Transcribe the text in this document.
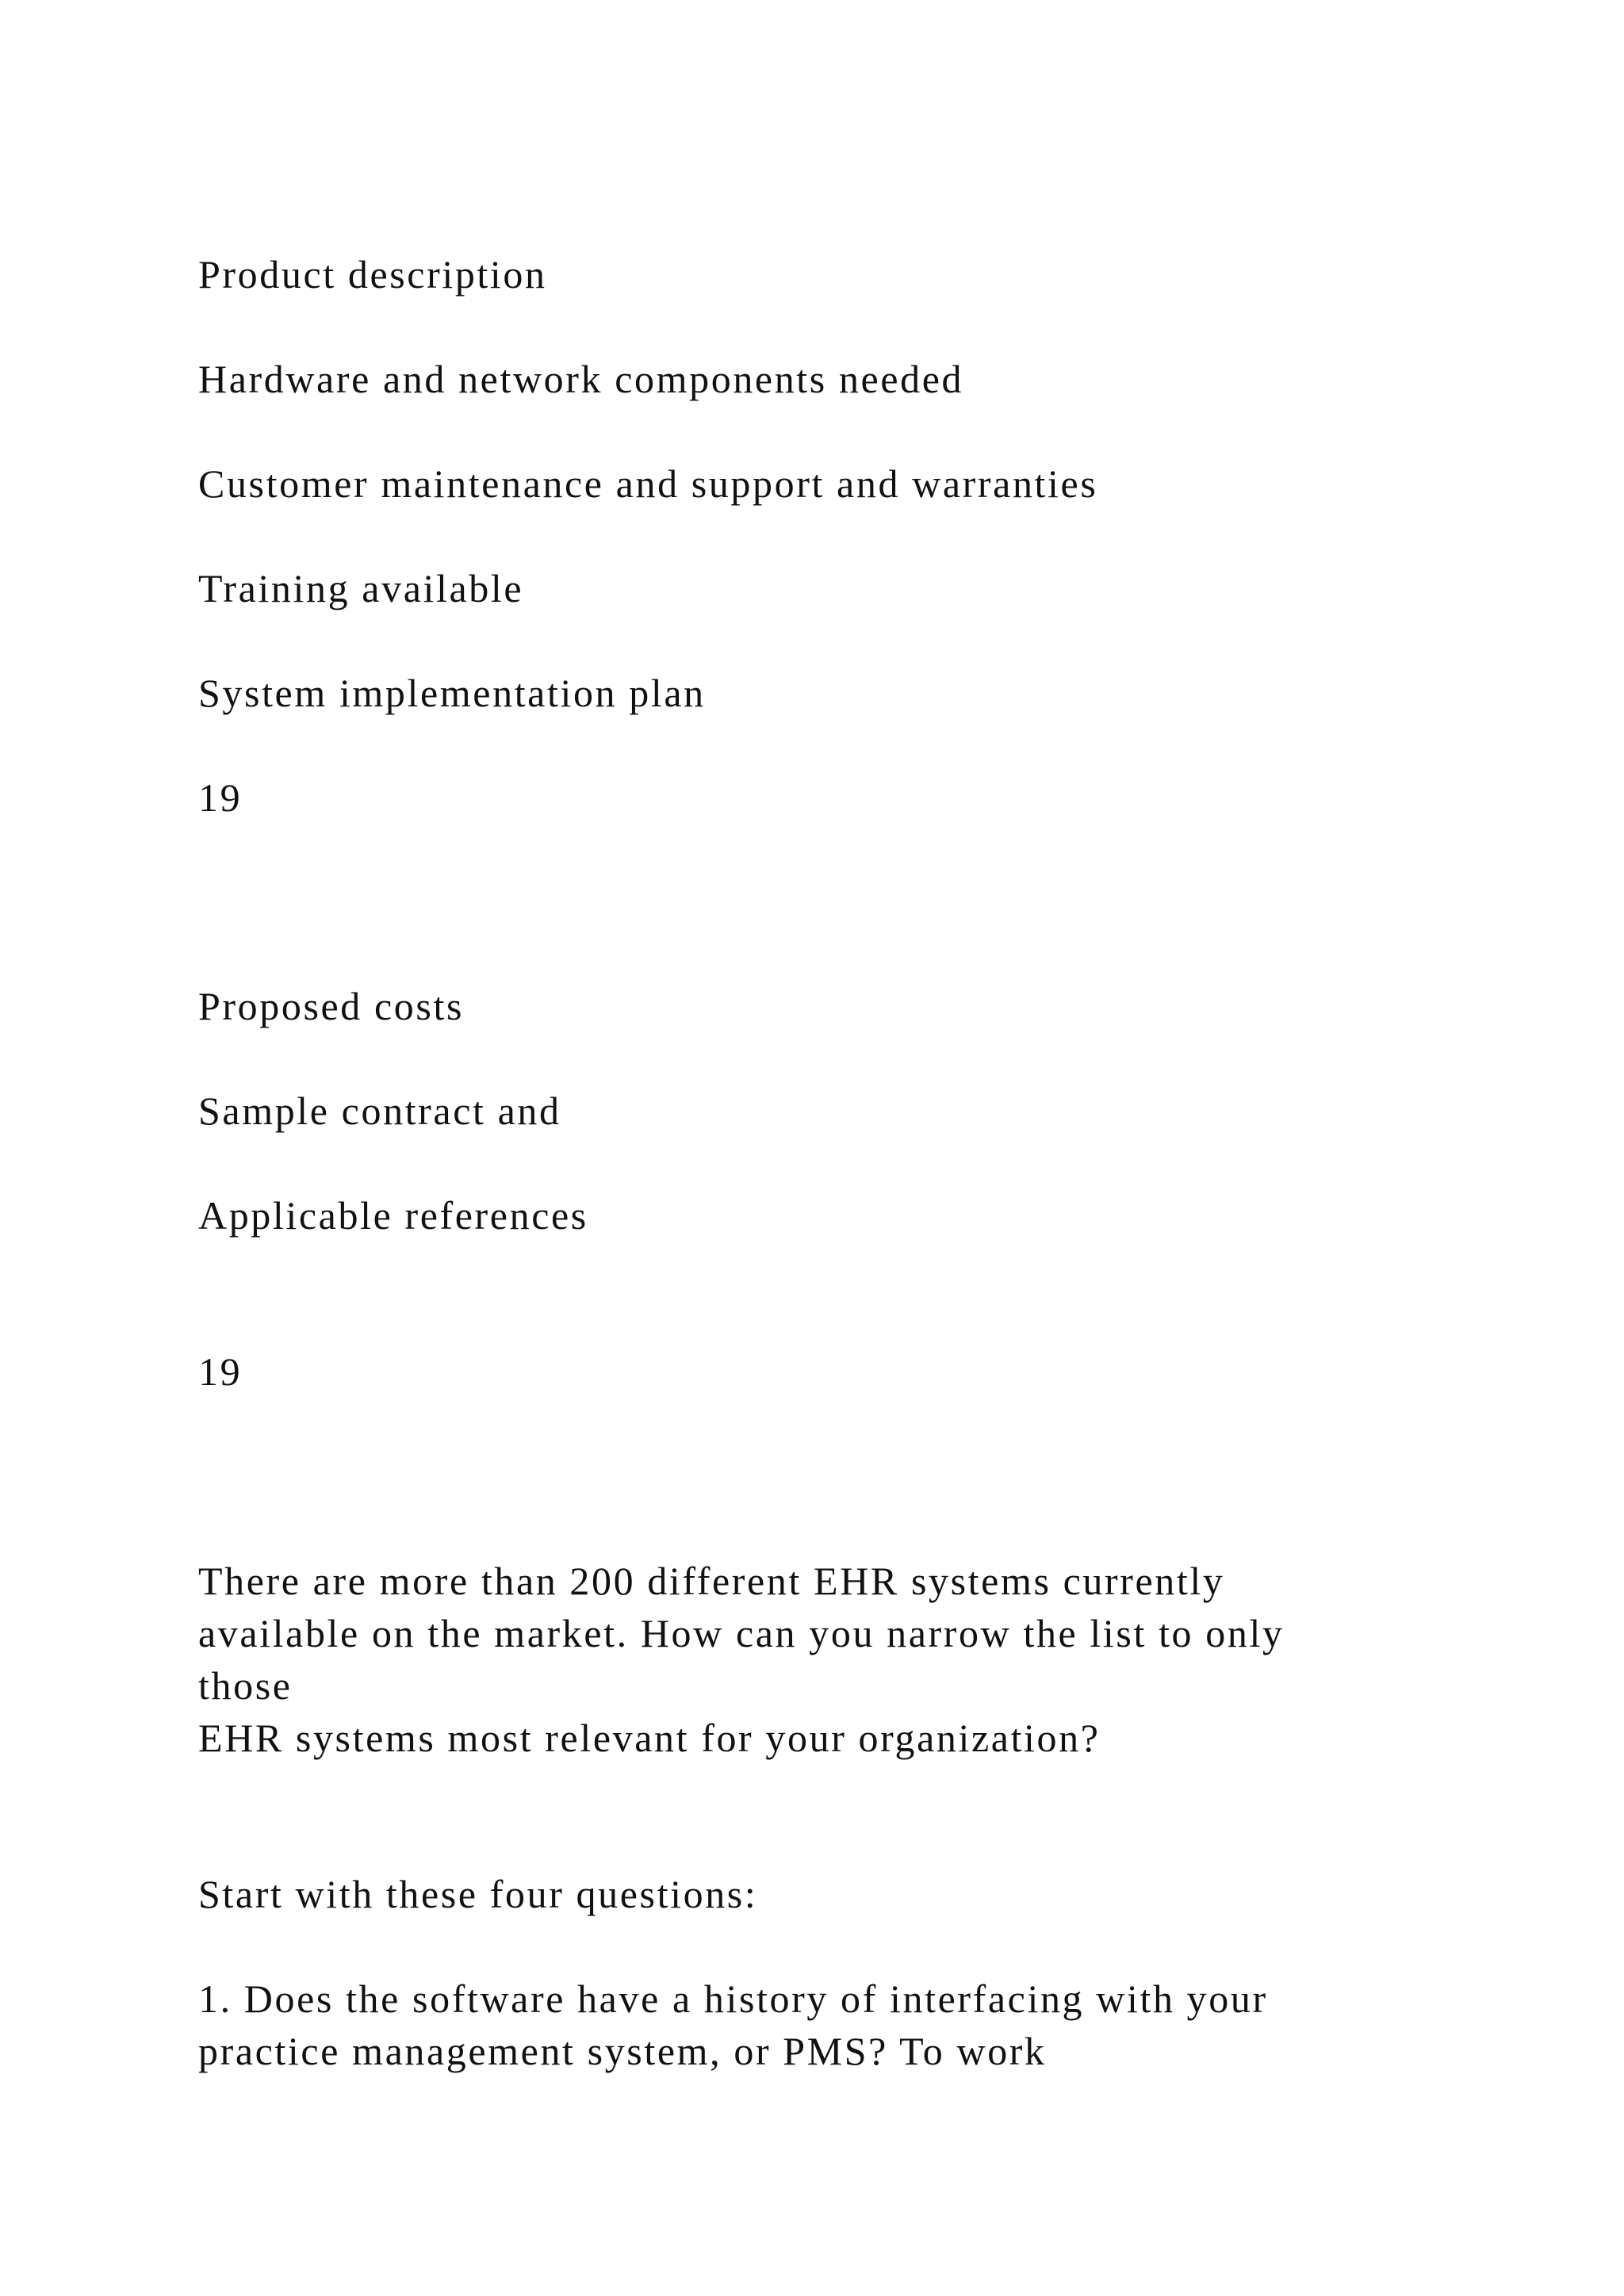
Product description

Hardware and network components needed

Customer maintenance and support and warranties

Training available

System implementation plan

19

Proposed costs

Sample contract and

Applicable references

19

There are more than 200 different EHR systems currently

available on the market. How can you narrow the list to only

those

EHR systems most relevant for your organization?

Start with these four questions:

1. Does the software have a history of interfacing with your

practice management system, or PMS? To work
